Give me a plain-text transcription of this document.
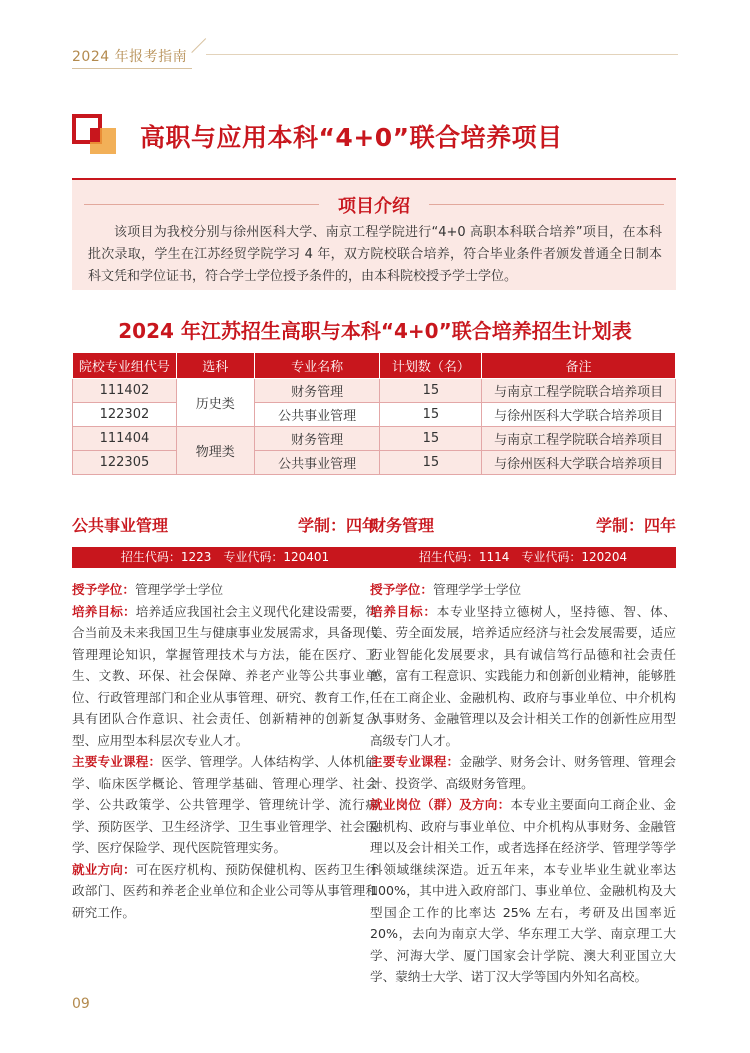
2024 年报考指南
高职与应用本科“4+0”联合培养项目
项目介绍
该项目为我校分别与徐州医科大学、南京工程学院进行“4+0 高职本科联合培养”项目，在本科批次录取，学生在江苏经贸学院学习 4 年，双方院校联合培养，符合毕业条件者颁发普通全日制本科文凭和学位证书，符合学士学位授予条件的，由本科院校授予学士学位。
2024 年江苏招生高职与本科“4+0”联合培养招生计划表
院校专业组代号	选科	专业名称	计划数（名）	备注
111402	历史类	财务管理	15	与南京工程学院联合培养项目
122302		公共事业管理	15	与徐州医科大学联合培养项目
111404	物理类	财务管理	15	与南京工程学院联合培养项目
122305		公共事业管理	15	与徐州医科大学联合培养项目
公共事业管理	学制：四年
招生代码：1223　专业代码：120401

授予学位：管理学学士学位

培养目标：培养适应我国社会主义现代化建设需要，符合当前及未来我国卫生与健康事业发展需求，具备现代管理理论知识，掌握管理技术与方法，能在医疗、卫生、文教、环保、社会保障、养老产业等公共事业单位、行政管理部门和企业从事管理、研究、教育工作，具有团队合作意识、社会责任、创新精神的创新复合型、应用型本科层次专业人才。

主要专业课程：医学、管理学。人体结构学、人体机能学、临床医学概论、管理学基础、管理心理学、社会学、公共政策学、公共管理学、管理统计学、流行病学、预防医学、卫生经济学、卫生事业管理学、社会医学、医疗保险学、现代医院管理实务。

就业方向：可在医疗机构、预防保健机构、医药卫生行政部门、医药和养老企业单位和企业公司等从事管理和研究工作。

财务管理	学制：四年
招生代码：1114　专业代码：120204

授予学位：管理学学士学位

培养目标：本专业坚持立德树人，坚持德、智、体、美、劳全面发展，培养适应经济与社会发展需要，适应行业智能化发展要求，具有诚信笃行品德和社会责任感，富有工程意识、实践能力和创新创业精神，能够胜任在工商企业、金融机构、政府与事业单位、中介机构从事财务、金融管理以及会计相关工作的创新性应用型高级专门人才。

主要专业课程：金融学、财务会计、财务管理、管理会计、投资学、高级财务管理。

就业岗位（群）及方向：本专业主要面向工商企业、金融机构、政府与事业单位、中介机构从事财务、金融管理以及会计相关工作，或者选择在经济学、管理学等学科领域继续深造。近五年来，本专业毕业生就业率达 100%，其中进入政府部门、事业单位、金融机构及大型国企工作的比率达 25% 左右，考研及出国率近 20%，去向为南京大学、华东理工大学、南京理工大学、河海大学、厦门国家会计学院、澳大利亚国立大学、蒙纳士大学、诺丁汉大学等国内外知名高校。

09
